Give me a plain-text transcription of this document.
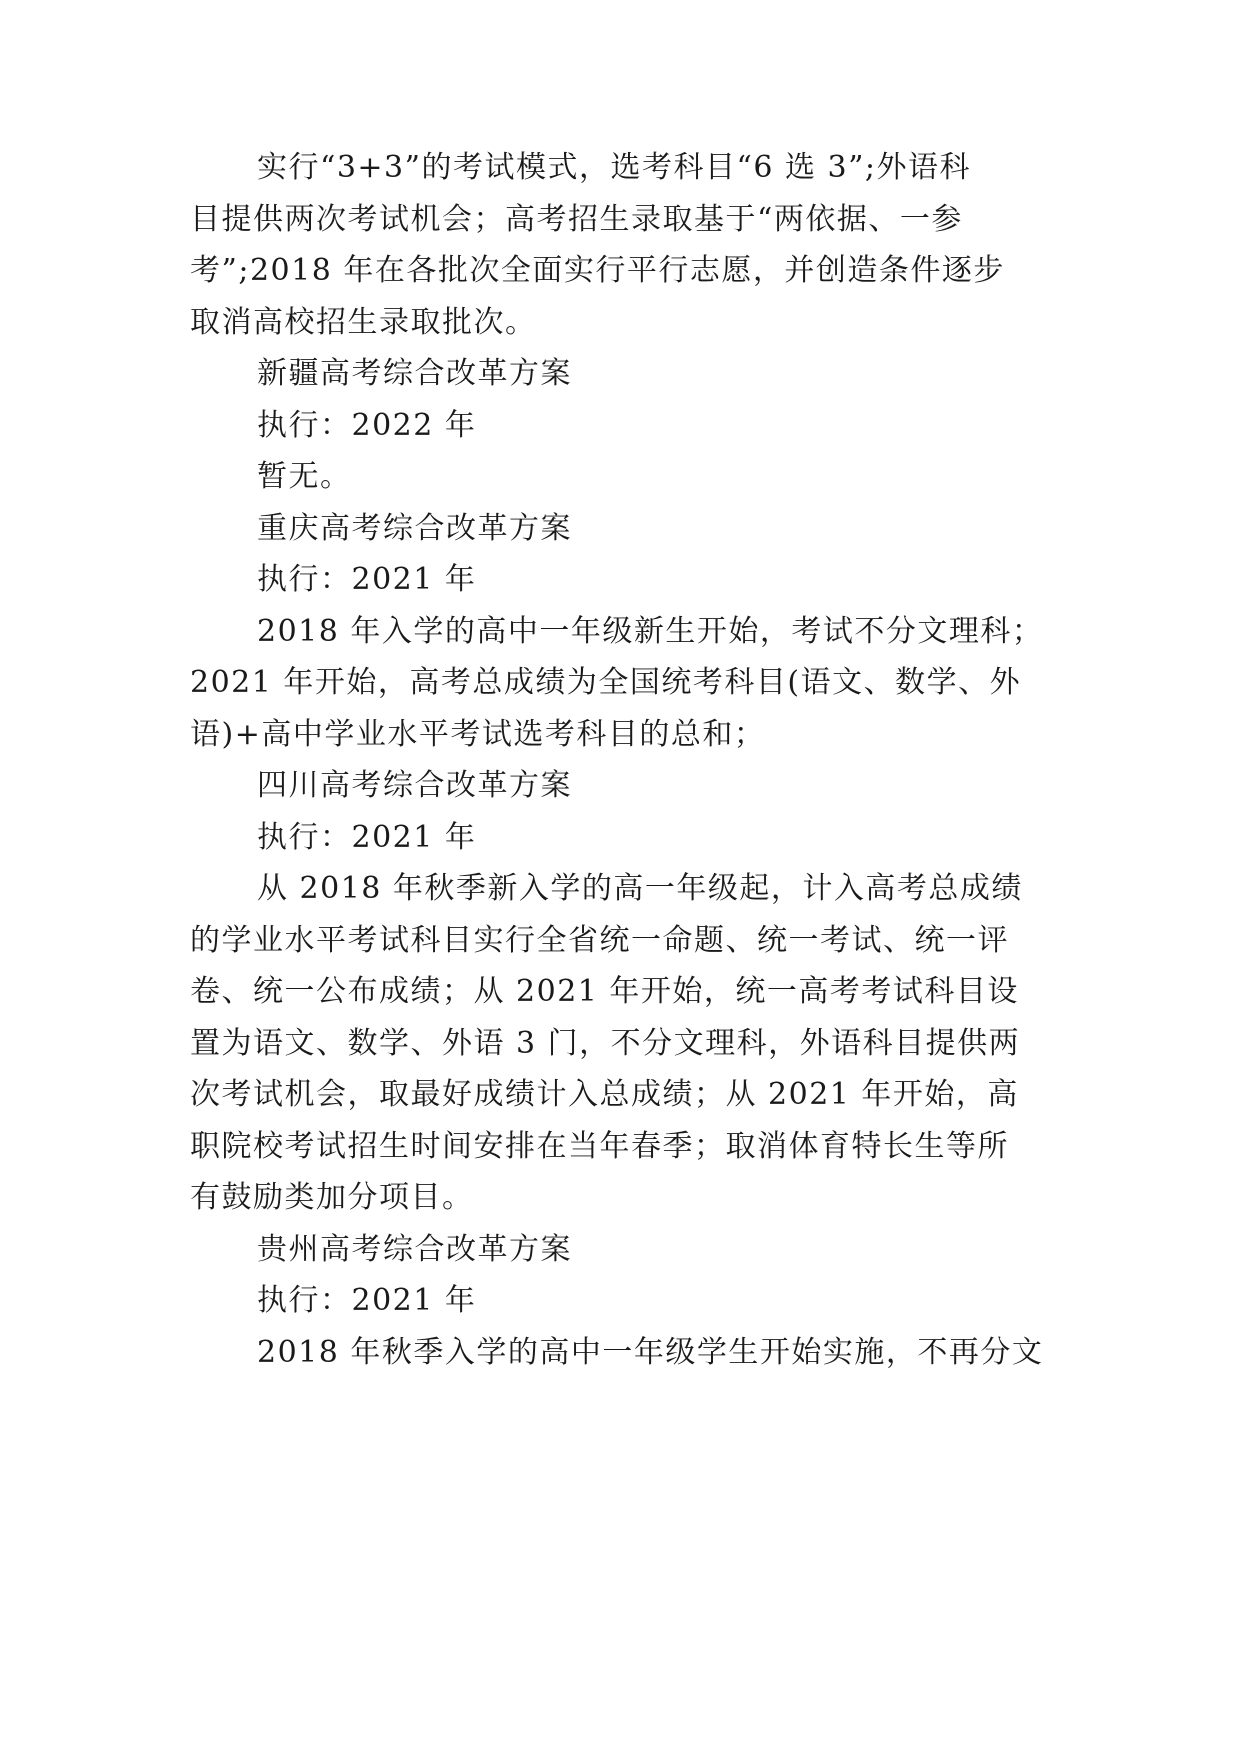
实行“3+3”的考试模式，选考科目“6 选 3”;外语科
目提供两次考试机会；高考招生录取基于“两依据、一参
考”;2018 年在各批次全面实行平行志愿，并创造条件逐步
取消高校招生录取批次。
新疆高考综合改革方案
执行：2022 年
暂无。
重庆高考综合改革方案
执行：2021 年
2018 年入学的高中一年级新生开始，考试不分文理科；
2021 年开始，高考总成绩为全国统考科目(语文、数学、外
语)+高中学业水平考试选考科目的总和；
四川高考综合改革方案
执行：2021 年
从 2018 年秋季新入学的高一年级起，计入高考总成绩
的学业水平考试科目实行全省统一命题、统一考试、统一评
卷、统一公布成绩；从 2021 年开始，统一高考考试科目设
置为语文、数学、外语 3 门，不分文理科，外语科目提供两
次考试机会，取最好成绩计入总成绩；从 2021 年开始，高
职院校考试招生时间安排在当年春季；取消体育特长生等所
有鼓励类加分项目。
贵州高考综合改革方案
执行：2021 年
2018 年秋季入学的高中一年级学生开始实施，不再分文
